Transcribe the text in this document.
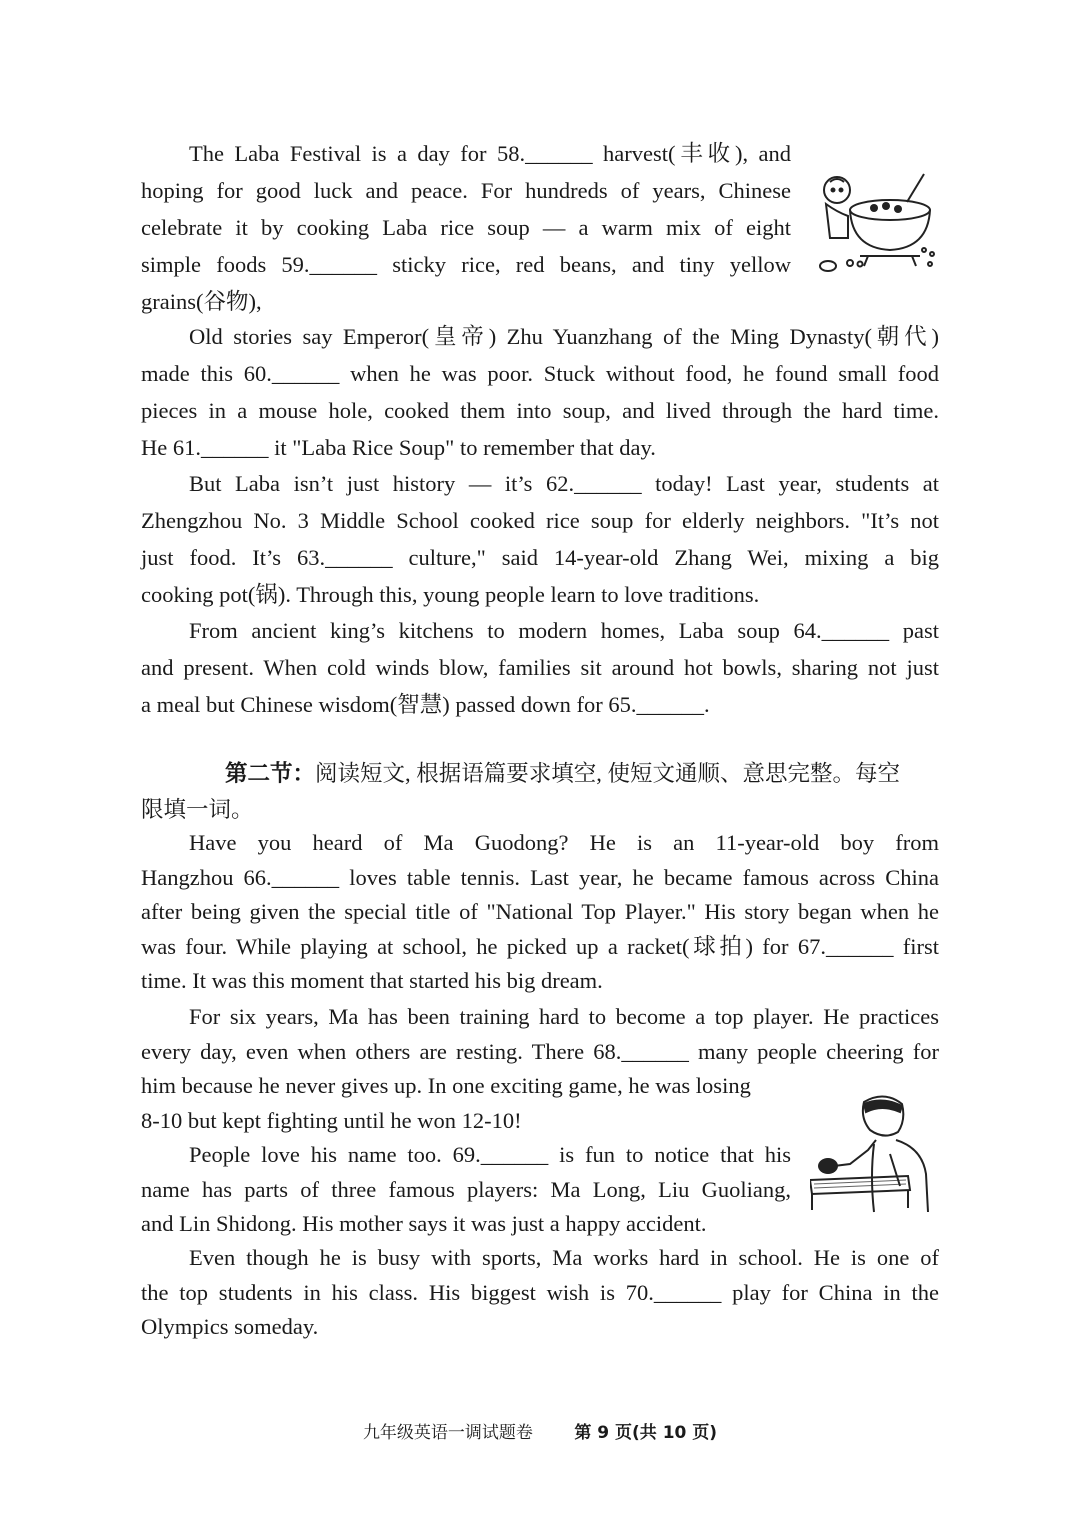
The Laba Festival is a day for 58.______ harvest(丰收), and
hoping for good luck and peace. For hundreds of years, Chinese
celebrate it by cooking Laba rice soup — a warm mix of eight
simple foods 59.______ sticky rice, red beans, and tiny yellow
grains(谷物),
Old stories say Emperor(皇帝) Zhu Yuanzhang of the Ming Dynasty(朝代)
made this 60.______ when he was poor. Stuck without food, he found small food
pieces in a mouse hole, cooked them into soup, and lived through the hard time.
He 61.______ it "Laba Rice Soup" to remember that day.
But Laba isn’t just history — it’s 62.______ today! Last year, students at
Zhengzhou No. 3 Middle School cooked rice soup for elderly neighbors. "It’s not
just food. It’s 63.______ culture," said 14-year-old Zhang Wei, mixing a big
cooking pot(锅). Through this, young people learn to love traditions.
From ancient king’s kitchens to modern homes, Laba soup 64.______ past
and present. When cold winds blow, families sit around hot bowls, sharing not just
a meal but Chinese wisdom(智慧) passed down for 65.______.
第二节：阅读短文, 根据语篇要求填空, 使短文通顺、意思完整。每空
限填一词。
Have you heard of Ma Guodong? He is an 11-year-old boy from
Hangzhou 66.______ loves table tennis. Last year, he became famous across China
after being given the special title of "National Top Player." His story began when he
was four. While playing at school, he picked up a racket(球拍) for 67.______ first
time. It was this moment that started his big dream.
For six years, Ma has been training hard to become a top player. He practices
every day, even when others are resting. There 68.______ many people cheering for
him because he never gives up. In one exciting game, he was losing
8-10 but kept fighting until he won 12-10!
People love his name too. 69.______ is fun to notice that his
name has parts of three famous players: Ma Long, Liu Guoliang,
and Lin Shidong. His mother says it was just a happy accident.
Even though he is busy with sports, Ma works hard in school. He is one of
the top students in his class. His biggest wish is 70.______ play for China in the
Olympics someday.
九年级英语一调试题卷 第 9 页(共 10 页)
